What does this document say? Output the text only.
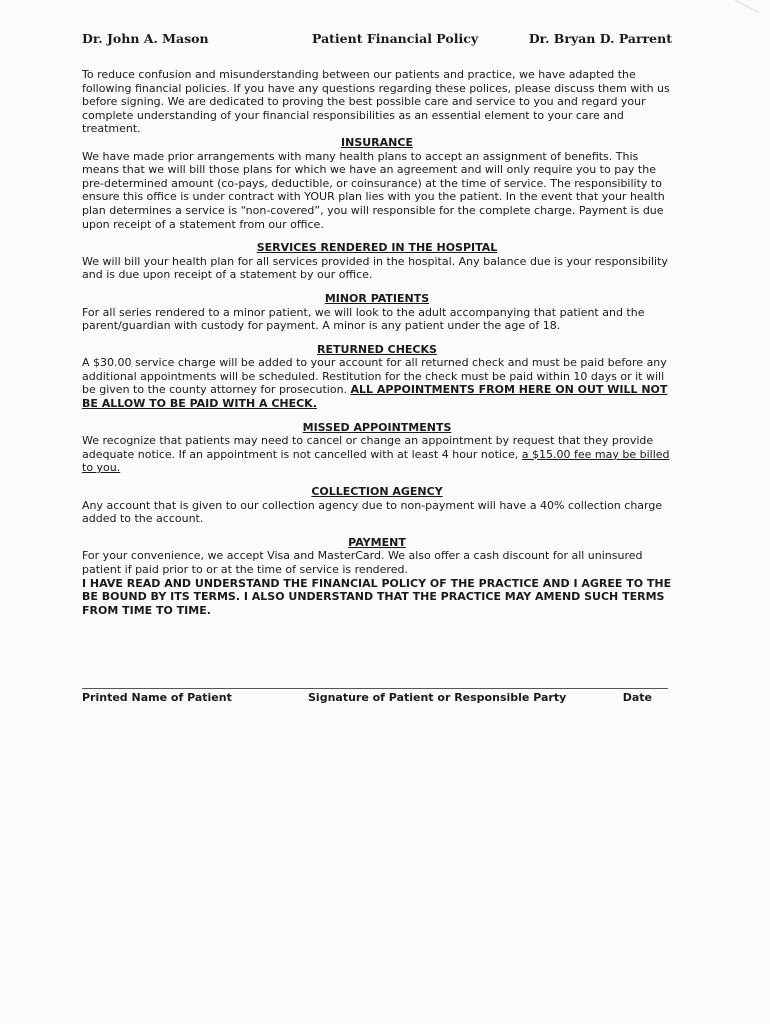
Dr. John A. Mason	Patient Financial Policy	Dr. Bryan D. Parrent

To reduce confusion and misunderstanding between our patients and practice, we have adapted the following financial policies. If you have any questions regarding these polices, please discuss them with us before signing. We are dedicated to proving the best possible care and service to you and regard your complete understanding of your financial responsibilities as an essential element to your care and treatment.

INSURANCE

We have made prior arrangements with many health plans to accept an assignment of benefits. This means that we will bill those plans for which we have an agreement and will only require you to pay the pre-determined amount (co-pays, deductible, or coinsurance) at the time of service. The responsibility to ensure this office is under contract with YOUR plan lies with you the patient. In the event that your health plan determines a service is “non-covered”, you will responsible for the complete charge. Payment is due upon receipt of a statement from our office.

SERVICES RENDERED IN THE HOSPITAL

We will bill your health plan for all services provided in the hospital. Any balance due is your responsibility and is due upon receipt of a statement by our office.

MINOR PATIENTS

For all series rendered to a minor patient, we will look to the adult accompanying that patient and the parent/guardian with custody for payment. A minor is any patient under the age of 18.

RETURNED CHECKS

A $30.00 service charge will be added to your account for all returned check and must be paid before any additional appointments will be scheduled. Restitution for the check must be paid within 10 days or it will be given to the county attorney for prosecution. ALL APPOINTMENTS FROM HERE ON OUT WILL NOT BE ALLOW TO BE PAID WITH A CHECK.

MISSED APPOINTMENTS

We recognize that patients may need to cancel or change an appointment by request that they provide adequate notice. If an appointment is not cancelled with at least 4 hour notice, a $15.00 fee may be billed to you.

COLLECTION AGENCY

Any account that is given to our collection agency due to non-payment will have a 40% collection charge added to the account.

PAYMENT

For your convenience, we accept Visa and MasterCard. We also offer a cash discount for all uninsured patient if paid prior to or at the time of service is rendered.

I HAVE READ AND UNDERSTAND THE FINANCIAL POLICY OF THE PRACTICE AND I AGREE TO THE BE BOUND BY ITS TERMS. I ALSO UNDERSTAND THAT THE PRACTICE MAY AMEND SUCH TERMS FROM TIME TO TIME.

Printed Name of Patient	Signature of Patient or Responsible Party	Date
